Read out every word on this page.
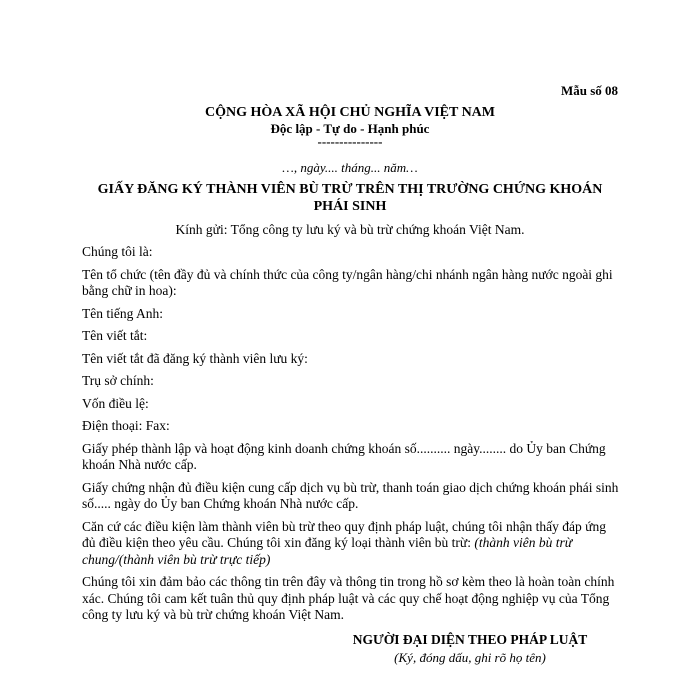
Mẫu số 08
CỘNG HÒA XÃ HỘI CHỦ NGHĨA VIỆT NAM
Độc lập - Tự do - Hạnh phúc
---------------
…, ngày.... tháng... năm…
GIẤY ĐĂNG KÝ THÀNH VIÊN BÙ TRỪ TRÊN THỊ TRƯỜNG CHỨNG KHOÁN PHÁI SINH
Kính gửi: Tổng công ty lưu ký và bù trừ chứng khoán Việt Nam.

Chúng tôi là:

Tên tổ chức (tên đầy đủ và chính thức của công ty/ngân hàng/chi nhánh ngân hàng nước ngoài ghi bằng chữ in hoa):

Tên tiếng Anh:

Tên viết tắt:

Tên viết tắt đã đăng ký thành viên lưu ký:

Trụ sở chính:

Vốn điều lệ:

Điện thoại: Fax:

Giấy phép thành lập và hoạt động kinh doanh chứng khoán số.......... ngày........ do Ủy ban Chứng khoán Nhà nước cấp.

Giấy chứng nhận đủ điều kiện cung cấp dịch vụ bù trừ, thanh toán giao dịch chứng khoán phái sinh số..... ngày do Ủy ban Chứng khoán Nhà nước cấp.

Căn cứ các điều kiện làm thành viên bù trừ theo quy định pháp luật, chúng tôi nhận thấy đáp ứng đủ điều kiện theo yêu cầu. Chúng tôi xin đăng ký loại thành viên bù trừ: (thành viên bù trừ chung/(thành viên bù trừ trực tiếp)

Chúng tôi xin đảm bảo các thông tin trên đây và thông tin trong hồ sơ kèm theo là hoàn toàn chính xác. Chúng tôi cam kết tuân thủ quy định pháp luật và các quy chế hoạt động nghiệp vụ của Tổng công ty lưu ký và bù trừ chứng khoán Việt Nam.

NGƯỜI ĐẠI DIỆN THEO PHÁP LUẬT
(Ký, đóng dấu, ghi rõ họ tên)
